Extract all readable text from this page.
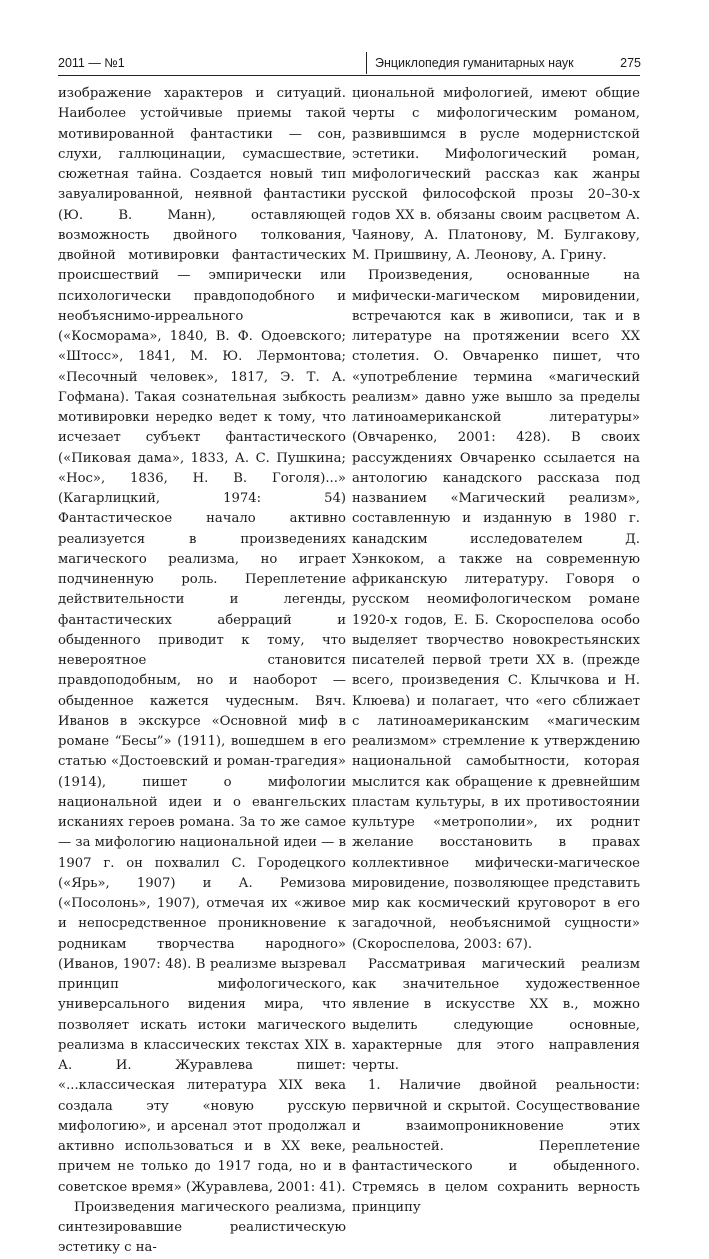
2011 — №1	Энциклопедия гуманитарных наук	275

изображение характеров и ситуаций. Наиболее устойчивые приемы такой мотивированной фантастики — сон, слухи, галлюцинации, сумасшествие, сюжетная тайна. Создается новый тип завуалированной, неявной фантастики (Ю. В. Манн), оставляющей возможность двойного толкования, двойной мотивировки фантастических происшествий — эмпирически или психологически правдоподобного и необъяснимо-ирреального («Косморама», 1840, В. Ф. Одоевского; «Штосс», 1841, М. Ю. Лермонтова; «Песочный человек», 1817, Э. Т. А. Гофмана). Такая сознательная зыбкость мотивировки нередко ведет к тому, что исчезает субъект фантастического («Пиковая дама», 1833, А. С. Пушкина; «Нос», 1836, Н. В. Гоголя)...» (Кагарлицкий, 1974: 54) Фантастическое начало активно реализуется в произведениях магического реализма, но играет подчиненную роль. Переплетение действительности и легенды, фантастических аберраций и обыденного приводит к тому, что невероятное становится правдоподобным, но и наоборот — обыденное кажется чудесным. Вяч. Иванов в экскурсе «Основной миф в романе “Бесы”» (1911), вошедшем в его статью «Достоевский и роман-трагедия» (1914), пишет о мифологии национальной идеи и о евангельских исканиях героев романа. За то же самое — за мифологию национальной идеи — в 1907 г. он похвалил С. Городецкого («Ярь», 1907) и А. Ремизова («Посолонь», 1907), отмечая их «живое и непосредственное проникновение к родникам творчества народного» (Иванов, 1907: 48). В реализме вызревал принцип мифологического, универсального видения мира, что позволяет искать истоки магического реализма в классических текстах XIX в. А. И. Журавлева пишет: «...классическая литература XIX века создала эту «новую русскую мифологию», и арсенал этот продолжал активно использоваться и в XX веке, причем не только до 1917 года, но и в советское время» (Журавлева, 2001: 41).

Произведения магического реализма, синтезировавшие реалистическую эстетику с на-

циональной мифологией, имеют общие черты с мифологическим романом, развившимся в русле модернистской эстетики. Мифологический роман, мифологический рассказ как жанры русской философской прозы 20–30-х годов XX в. обязаны своим расцветом А. Чаянову, А. Платонову, М. Булгакову, М. Пришвину, А. Леонову, А. Грину.

Произведения, основанные на мифически-магическом мировидении, встречаются как в живописи, так и в литературе на протяжении всего XX столетия. О. Овчаренко пишет, что «употребление термина «магический реализм» давно уже вышло за пределы латиноамериканской литературы» (Овчаренко, 2001: 428). В своих рассуждениях Овчаренко ссылается на антологию канадского рассказа под названием «Магический реализм», составленную и изданную в 1980 г. канадским исследователем Д. Хэнкоком, а также на современную африканскую литературу. Говоря о русском неомифологическом романе 1920-х годов, Е. Б. Скороспелова особо выделяет творчество новокрестьянских писателей первой трети XX в. (прежде всего, произведения С. Клычкова и Н. Клюева) и полагает, что «его сближает с латиноамериканским «магическим реализмом» стремление к утверждению национальной самобытности, которая мыслится как обращение к древнейшим пластам культуры, в их противостоянии культуре «метрополии», их роднит желание восстановить в правах коллективное мифически-магическое мировидение, позволяющее представить мир как космический круговорот в его загадочной, необъяснимой сущности» (Скороспелова, 2003: 67).

Рассматривая магический реализм как значительное художественное явление в искусстве XX в., можно выделить следующие основные, характерные для этого направления черты.

1. Наличие двойной реальности: первичной и скрытой. Сосуществование и взаимопроникновение этих реальностей. Переплетение фантастического и обыденного. Стремясь в целом сохранить верность принципу
